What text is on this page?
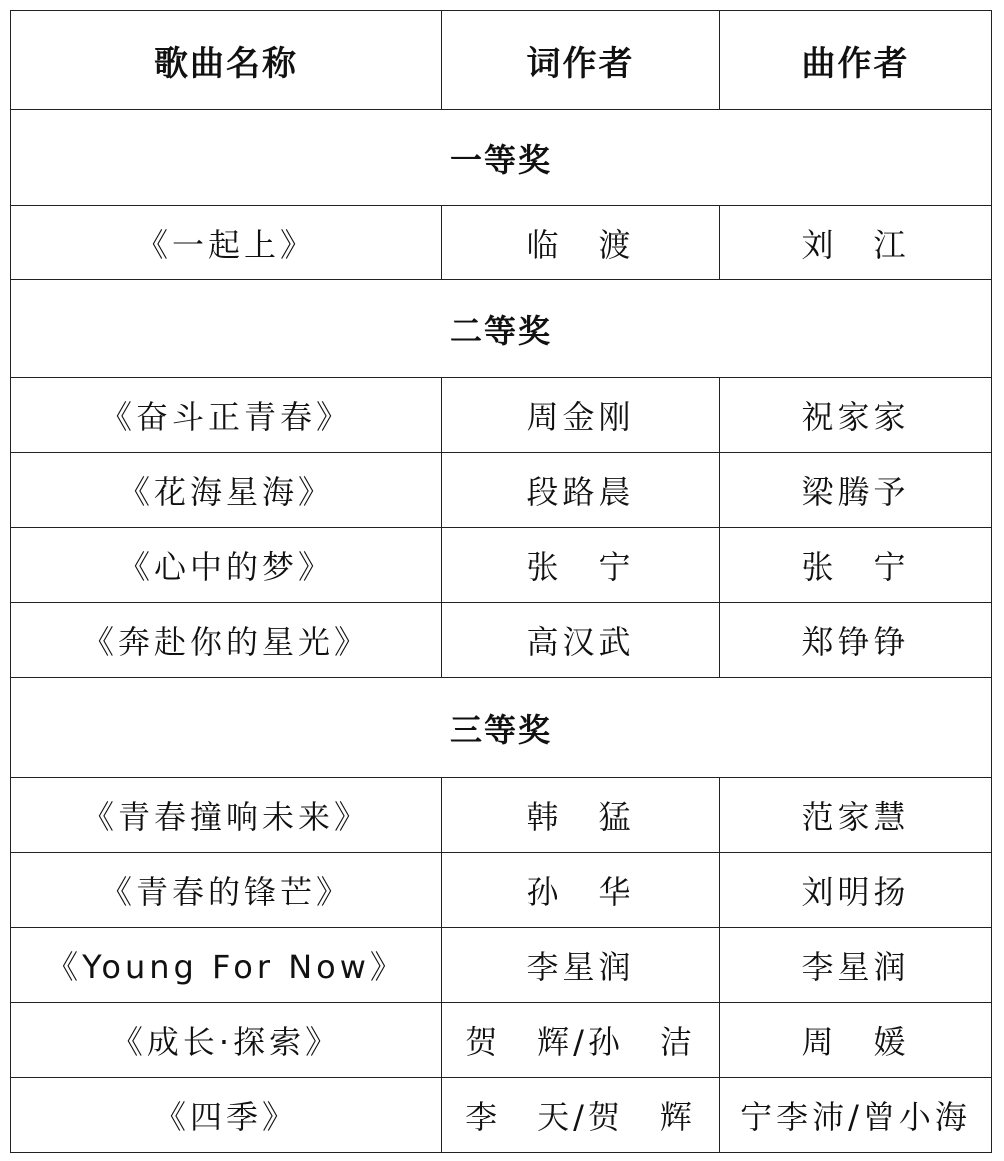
歌曲名称	词作者	曲作者
一等奖		
《一起上》	临　渡	刘　江
二等奖		
《奋斗正青春》	周金刚	祝家家
《花海星海》	段路晨	梁腾予
《心中的梦》	张　宁	张　宁
《奔赴你的星光》	高汉武	郑铮铮
三等奖		
《青春撞响未来》	韩　猛	范家慧
《青春的锋芒》	孙　华	刘明扬
《Young For Now》	李星润	李星润
《成长·探索》	贺　辉/孙　洁	周　媛
《四季》	李　天/贺　辉	宁李沛/曾小海
